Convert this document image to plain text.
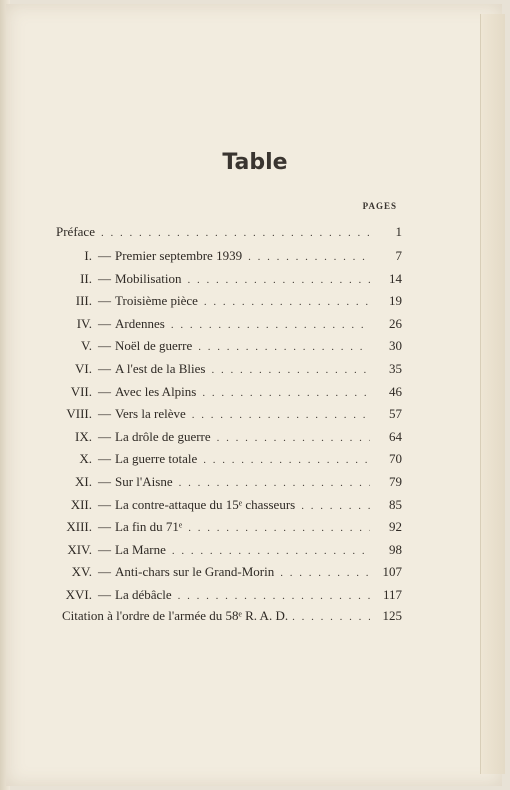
Table
PAGES
Préface . . .	1
I. — Premier septembre 1939 . . .	7
II. — Mobilisation . . .	14
III. — Troisième pièce . . .	19
IV. — Ardennes . . .	26
V. — Noël de guerre . . .	30
VI. — A l'est de la Blies . . .	35
VII. — Avec les Alpins . . .	46
VIII. — Vers la relève . . .	57
IX. — La drôle de guerre . . .	64
X. — La guerre totale . . .	70
XI. — Sur l'Aisne . . .	79
XII. — La contre-attaque du 15ᵉ chasseurs . . .	85
XIII. — La fin du 71ᵉ . . .	92
XIV. — La Marne . . .	98
XV. — Anti-chars sur le Grand-Morin . . .	107
XVI. — La débâcle . . .	117
Citation à l'ordre de l'armée du 58ᵉ R. A. D. . . .	125
